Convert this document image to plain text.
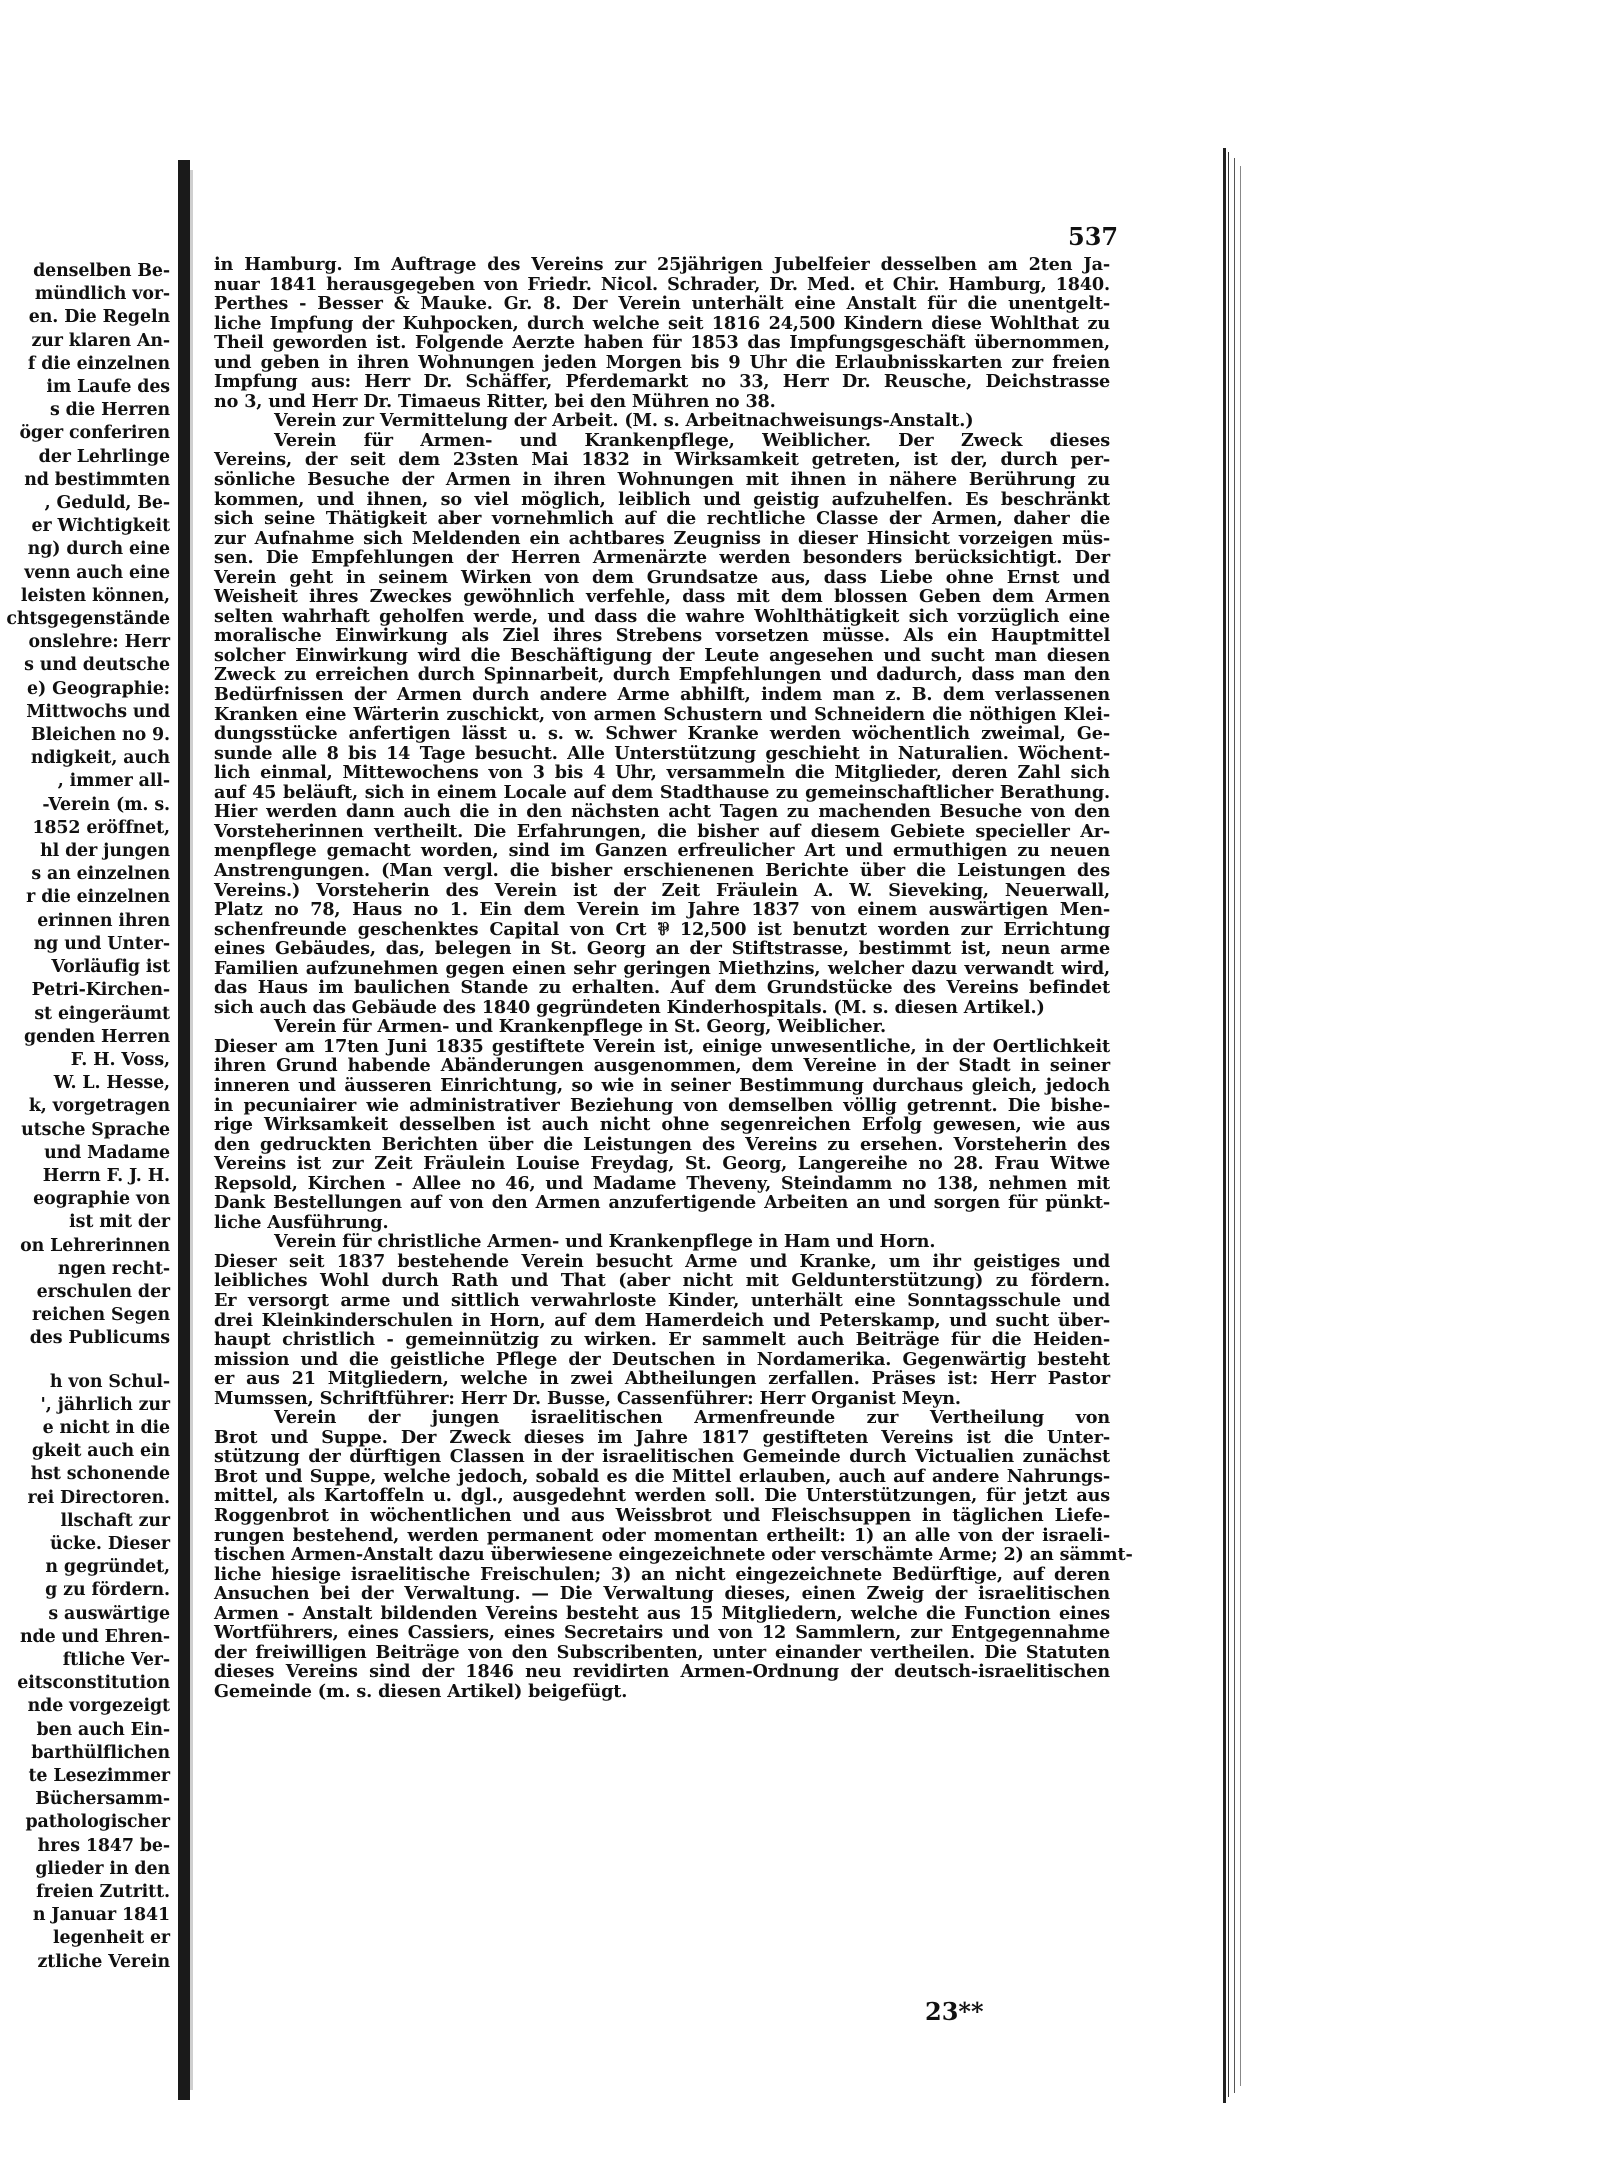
denselben Be-
mündlich vor-
en. Die Regeln
zur klaren An-
f die einzelnen
im Laufe des
s die Herren
öger conferiren
der Lehrlinge
nd bestimmten
, Geduld, Be-
er Wichtigkeit
ng) durch eine
venn auch eine
leisten können,
chtsgegenstände
onslehre: Herr
s und deutsche
e) Geographie:
Mittwochs und
Bleichen no 9.
ndigkeit, auch
, immer all-
-Verein (m. s.
1852 eröffnet,
hl der jungen
s an einzelnen
r die einzelnen
erinnen ihren
ng und Unter-
Vorläufig ist
Petri-Kirchen-
st eingeräumt
genden Herren
F. H. Voss,
W. L. Hesse,
k, vorgetragen
utsche Sprache
und Madame
Herrn F. J. H.
eographie von
ist mit der
on Lehrerinnen
ngen recht-
erschulen der
reichen Segen
des Publicums
h von Schul-
', jährlich zur
e nicht in die
gkeit auch ein
hst schonende
rei Directoren.
llschaft zur
ücke. Dieser
n gegründet,
g zu fördern.
s auswärtige
nde und Ehren-
ftliche Ver-
eitsconstitution
nde vorgezeigt
ben auch Ein-
barthülflichen
te Lesezimmer
Büchersamm-
pathologischer
hres 1847 be-
glieder in den
freien Zutritt.
n Januar 1841
legenheit er
ztliche Verein
537
in Hamburg. Im Auftrage des Vereins zur 25jährigen Jubelfeier desselben am 2ten Ja-
nuar 1841 herausgegeben von Friedr. Nicol. Schrader, Dr. Med. et Chir. Hamburg, 1840.
Perthes - Besser & Mauke. Gr. 8. Der Verein unterhält eine Anstalt für die unentgelt-
liche Impfung der Kuhpocken, durch welche seit 1816 24,500 Kindern diese Wohlthat zu
Theil geworden ist. Folgende Aerzte haben für 1853 das Impfungsgeschäft übernommen,
und geben in ihren Wohnungen jeden Morgen bis 9 Uhr die Erlaubnisskarten zur freien
Impfung aus: Herr Dr. Schäffer, Pferdemarkt no 33, Herr Dr. Reusche, Deichstrasse
no 3, und Herr Dr. Timaeus Ritter, bei den Mühren no 38.
Verein zur Vermittelung der Arbeit. (M. s. Arbeitnachweisungs-Anstalt.)
Verein für Armen- und Krankenpflege, Weiblicher. Der Zweck dieses
Vereins, der seit dem 23sten Mai 1832 in Wirksamkeit getreten, ist der, durch per-
sönliche Besuche der Armen in ihren Wohnungen mit ihnen in nähere Berührung zu
kommen, und ihnen, so viel möglich, leiblich und geistig aufzuhelfen. Es beschränkt
sich seine Thätigkeit aber vornehmlich auf die rechtliche Classe der Armen, daher die
zur Aufnahme sich Meldenden ein achtbares Zeugniss in dieser Hinsicht vorzeigen müs-
sen. Die Empfehlungen der Herren Armenärzte werden besonders berücksichtigt. Der
Verein geht in seinem Wirken von dem Grundsatze aus, dass Liebe ohne Ernst und
Weisheit ihres Zweckes gewöhnlich verfehle, dass mit dem blossen Geben dem Armen
selten wahrhaft geholfen werde, und dass die wahre Wohlthätigkeit sich vorzüglich eine
moralische Einwirkung als Ziel ihres Strebens vorsetzen müsse. Als ein Hauptmittel
solcher Einwirkung wird die Beschäftigung der Leute angesehen und sucht man diesen
Zweck zu erreichen durch Spinnarbeit, durch Empfehlungen und dadurch, dass man den
Bedürfnissen der Armen durch andere Arme abhilft, indem man z. B. dem verlassenen
Kranken eine Wärterin zuschickt, von armen Schustern und Schneidern die nöthigen Klei-
dungsstücke anfertigen lässt u. s. w. Schwer Kranke werden wöchentlich zweimal, Ge-
sunde alle 8 bis 14 Tage besucht. Alle Unterstützung geschieht in Naturalien. Wöchent-
lich einmal, Mittewochens von 3 bis 4 Uhr, versammeln die Mitglieder, deren Zahl sich
auf 45 beläuft, sich in einem Locale auf dem Stadthause zu gemeinschaftlicher Berathung.
Hier werden dann auch die in den nächsten acht Tagen zu machenden Besuche von den
Vorsteherinnen vertheilt. Die Erfahrungen, die bisher auf diesem Gebiete specieller Ar-
menpflege gemacht worden, sind im Ganzen erfreulicher Art und ermuthigen zu neuen
Anstrengungen. (Man vergl. die bisher erschienenen Berichte über die Leistungen des
Vereins.) Vorsteherin des Verein ist der Zeit Fräulein A. W. Sieveking, Neuerwall,
Platz no 78, Haus no 1. Ein dem Verein im Jahre 1837 von einem auswärtigen Men-
schenfreunde geschenktes Capital von Crt ⅌ 12,500 ist benutzt worden zur Errichtung
eines Gebäudes, das, belegen in St. Georg an der Stiftstrasse, bestimmt ist, neun arme
Familien aufzunehmen gegen einen sehr geringen Miethzins, welcher dazu verwandt wird,
das Haus im baulichen Stande zu erhalten. Auf dem Grundstücke des Vereins befindet
sich auch das Gebäude des 1840 gegründeten Kinderhospitals. (M. s. diesen Artikel.)
Verein für Armen- und Krankenpflege in St. Georg, Weiblicher.
Dieser am 17ten Juni 1835 gestiftete Verein ist, einige unwesentliche, in der Oertlichkeit
ihren Grund habende Abänderungen ausgenommen, dem Vereine in der Stadt in seiner
inneren und äusseren Einrichtung, so wie in seiner Bestimmung durchaus gleich, jedoch
in pecuniairer wie administrativer Beziehung von demselben völlig getrennt. Die bishe-
rige Wirksamkeit desselben ist auch nicht ohne segenreichen Erfolg gewesen, wie aus
den gedruckten Berichten über die Leistungen des Vereins zu ersehen. Vorsteherin des
Vereins ist zur Zeit Fräulein Louise Freydag, St. Georg, Langereihe no 28. Frau Witwe
Repsold, Kirchen - Allee no 46, und Madame Theveny, Steindamm no 138, nehmen mit
Dank Bestellungen auf von den Armen anzufertigende Arbeiten an und sorgen für pünkt-
liche Ausführung.
Verein für christliche Armen- und Krankenpflege in Ham und Horn.
Dieser seit 1837 bestehende Verein besucht Arme und Kranke, um ihr geistiges und
leibliches Wohl durch Rath und That (aber nicht mit Geldunterstützung) zu fördern.
Er versorgt arme und sittlich verwahrloste Kinder, unterhält eine Sonntagsschule und
drei Kleinkinderschulen in Horn, auf dem Hamerdeich und Peterskamp, und sucht über-
haupt christlich - gemeinnützig zu wirken. Er sammelt auch Beiträge für die Heiden-
mission und die geistliche Pflege der Deutschen in Nordamerika. Gegenwärtig besteht
er aus 21 Mitgliedern, welche in zwei Abtheilungen zerfallen. Präses ist: Herr Pastor
Mumssen, Schriftführer: Herr Dr. Busse, Cassenführer: Herr Organist Meyn.
Verein der jungen israelitischen Armenfreunde zur Vertheilung von
Brot und Suppe. Der Zweck dieses im Jahre 1817 gestifteten Vereins ist die Unter-
stützung der dürftigen Classen in der israelitischen Gemeinde durch Victualien zunächst
Brot und Suppe, welche jedoch, sobald es die Mittel erlauben, auch auf andere Nahrungs-
mittel, als Kartoffeln u. dgl., ausgedehnt werden soll. Die Unterstützungen, für jetzt aus
Roggenbrot in wöchentlichen und aus Weissbrot und Fleischsuppen in täglichen Liefe-
rungen bestehend, werden permanent oder momentan ertheilt: 1) an alle von der israeli-
tischen Armen-Anstalt dazu überwiesene eingezeichnete oder verschämte Arme; 2) an sämmt-
liche hiesige israelitische Freischulen; 3) an nicht eingezeichnete Bedürftige, auf deren
Ansuchen bei der Verwaltung. — Die Verwaltung dieses, einen Zweig der israelitischen
Armen - Anstalt bildenden Vereins besteht aus 15 Mitgliedern, welche die Function eines
Wortführers, eines Cassiers, eines Secretairs und von 12 Sammlern, zur Entgegennahme
der freiwilligen Beiträge von den Subscribenten, unter einander vertheilen. Die Statuten
dieses Vereins sind der 1846 neu revidirten Armen-Ordnung der deutsch-israelitischen
Gemeinde (m. s. diesen Artikel) beigefügt.
23**
